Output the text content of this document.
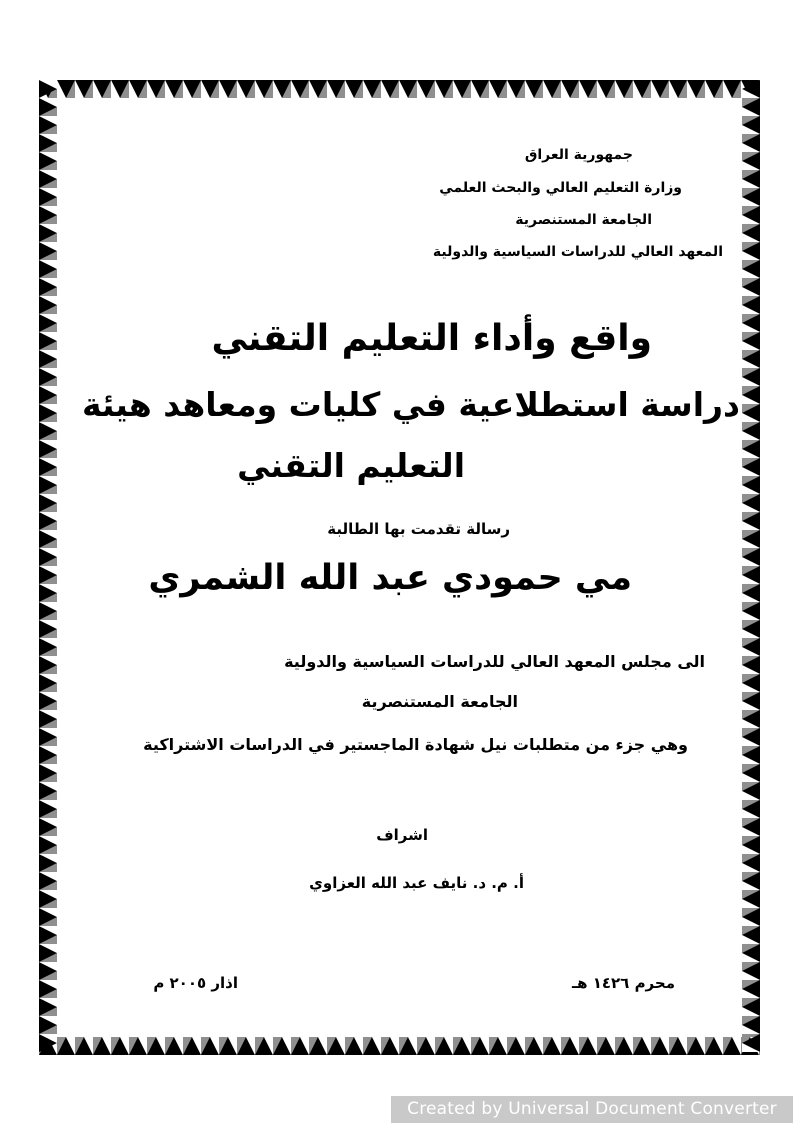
جمهورية العراق
وزارة التعليم العالي والبحث العلمي
الجامعة المستنصرية
المعهد العالي للدراسات السياسية والدولية
واقع وأداء التعليم التقني
دراسة استطلاعية في كليات ومعاهد هيئة
التعليم التقني
رسالة تقدمت بها الطالبة
مي حمودي عبد الله الشمري
الى مجلس المعهد العالي للدراسات السياسية والدولية
الجامعة المستنصرية
وهي جزء من متطلبات نيل شهادة الماجستير في الدراسات الاشتراكية
اشراف
أ. م. د. نايف عبد الله العزاوي
محرم ١٤٢٦ هـ
اذار ٢٠٠٥ م
Created by Universal Document Converter
